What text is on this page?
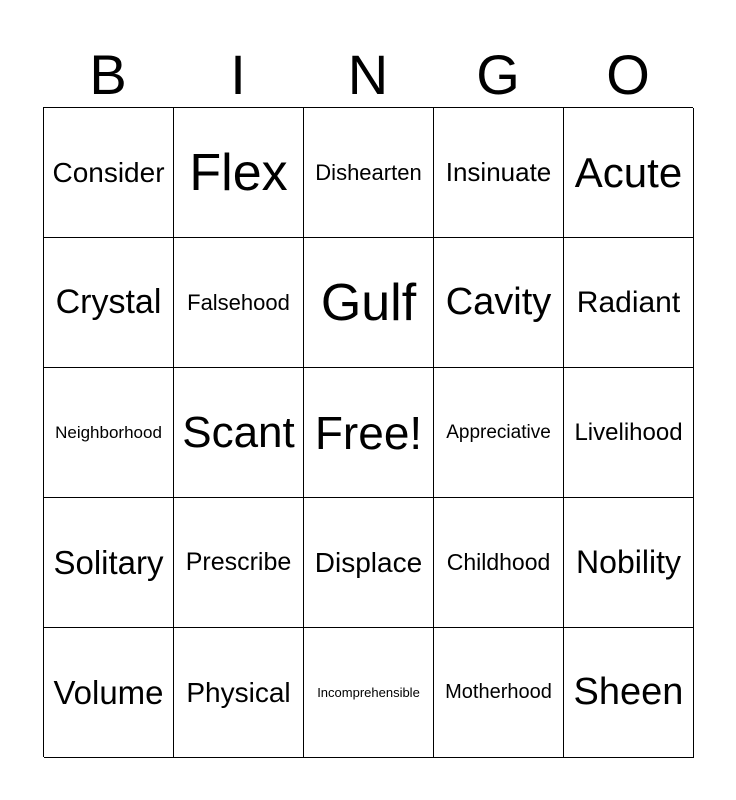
B	I	N	G	O
Consider Flex Dishearten Insinuate Acute
Crystal Falsehood Gulf Cavity Radiant
Neighborhood Scant Free! Appreciative Livelihood
Solitary Prescribe Displace Childhood Nobility
Volume Physical Incomprehensible Motherhood Sheen
